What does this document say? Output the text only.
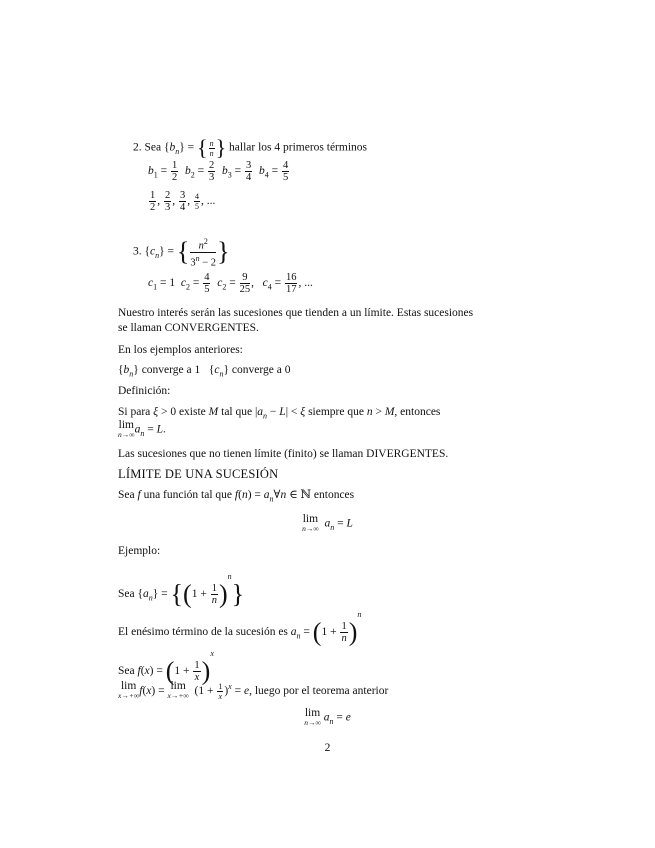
2. Sea $\{b_n\}$ = { $\frac{n}{n}$ } hallar los 4 primeros términos
$b_1 = \frac{1}{2} b_2 = \frac{2}{3} b_3 = \frac{3}{4} b_4 = \frac{4}{5}$
$\frac{1}{2}$ , $\frac{2}{3}$ , $\frac{3}{4}$ , $\frac{4}{5}$ , ...
3. $\{c_n\}$ = { $\frac{n^2}{3^n - 2}$ }
$c_1 = 1$  $c_2 = \frac{4}{5} c_2 = \frac{9}{25}$ ,   $c_4 = \frac{16}{17}$ , ...
Nuestro interés serán las sucesiones que tienden a un límite. Estas sucesiones
se llaman CONVERGENTES.
En los ejemplos anteriores:
$\{b_n\}$ converge a 1   $\{c_n\}$ converge a 0
Definición:
Si para ξ > 0 existe M tal que $|a_n - L| < \xi$ siempre que n > M, entonces
lim
n→∞ $a_n = L$.
Las sucesiones que no tienen límite (finito) se llaman DIVERGENTES.
LÍMITE DE UNA SUCESIÓN
Sea f una función tal que $f(n) = a_n\forall n$ ∈ ℕ entonces
lim
n→∞ $a_n = L$
Ejemplo:
Sea $\{a_n\} = \{(1 + \frac{1}{n} )^n\}$
El enésimo término de la sucesión es $a_n = (1 + \frac{1}{n} )^n$
Sea $f(x) = (1 + \frac{1}{x} )^x$
lim
x→+∞ f(x) = lim
x→+∞ $(1 + \frac{1}{x} )^x = e$, luego por el teorema anterior
lim
n→∞ $a_n = e$
2
